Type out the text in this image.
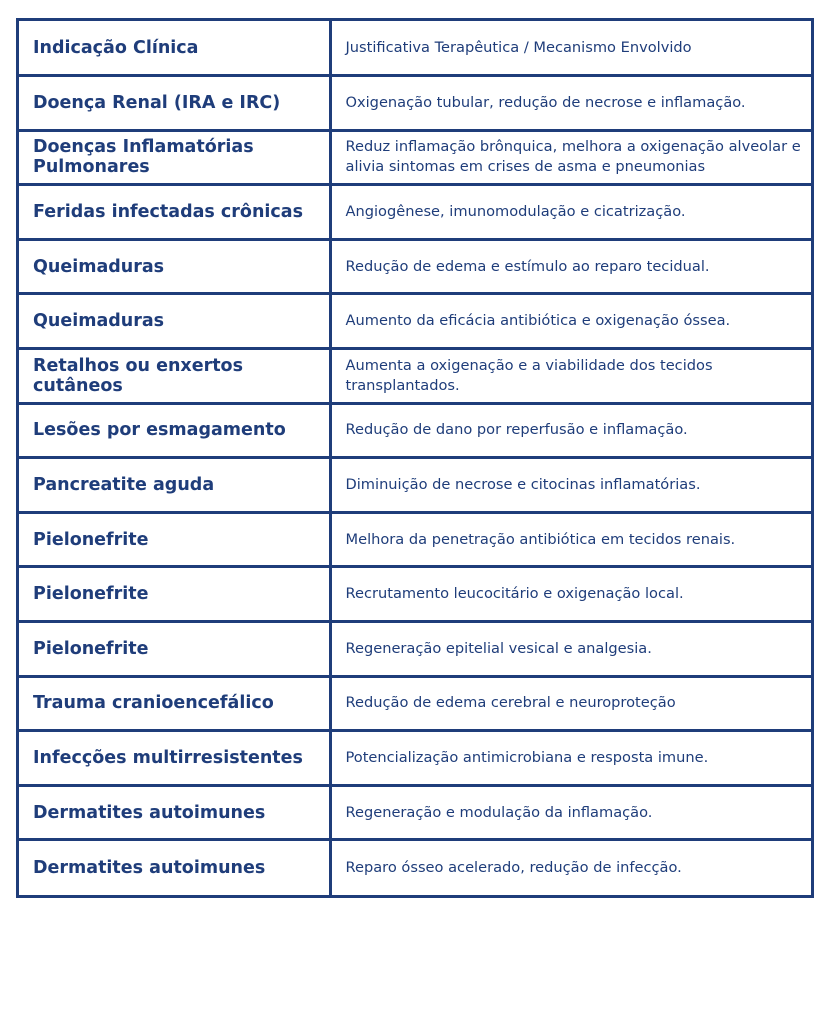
Indicação Clínica	Justificativa Terapêutica / Mecanismo Envolvido
Doença Renal (IRA e IRC)	Oxigenação tubular, redução de necrose e inflamação.
Doenças Inflamatórias Pulmonares	Reduz inflamação brônquica, melhora a oxigenação alveolar e alivia sintomas em crises de asma e pneumonias
Feridas infectadas crônicas	Angiogênese, imunomodulação e cicatrização.
Queimaduras	Redução de edema e estímulo ao reparo tecidual.
Queimaduras	Aumento da eficácia antibiótica e oxigenação óssea.
Retalhos ou enxertos cutâneos	Aumenta a oxigenação e a viabilidade dos tecidos transplantados.
Lesões por esmagamento	Redução de dano por reperfusão e inflamação.
Pancreatite aguda	Diminuição de necrose e citocinas inflamatórias.
Pielonefrite	Melhora da penetração antibiótica em tecidos renais.
Pielonefrite	Recrutamento leucocitário e oxigenação local.
Pielonefrite	Regeneração epitelial vesical e analgesia.
Trauma cranioencefálico	Redução de edema cerebral e neuroproteção
Infecções multirresistentes	Potencialização antimicrobiana e resposta imune.
Dermatites autoimunes	Regeneração e modulação da inflamação.
Dermatites autoimunes	Reparo ósseo acelerado, redução de infecção.
